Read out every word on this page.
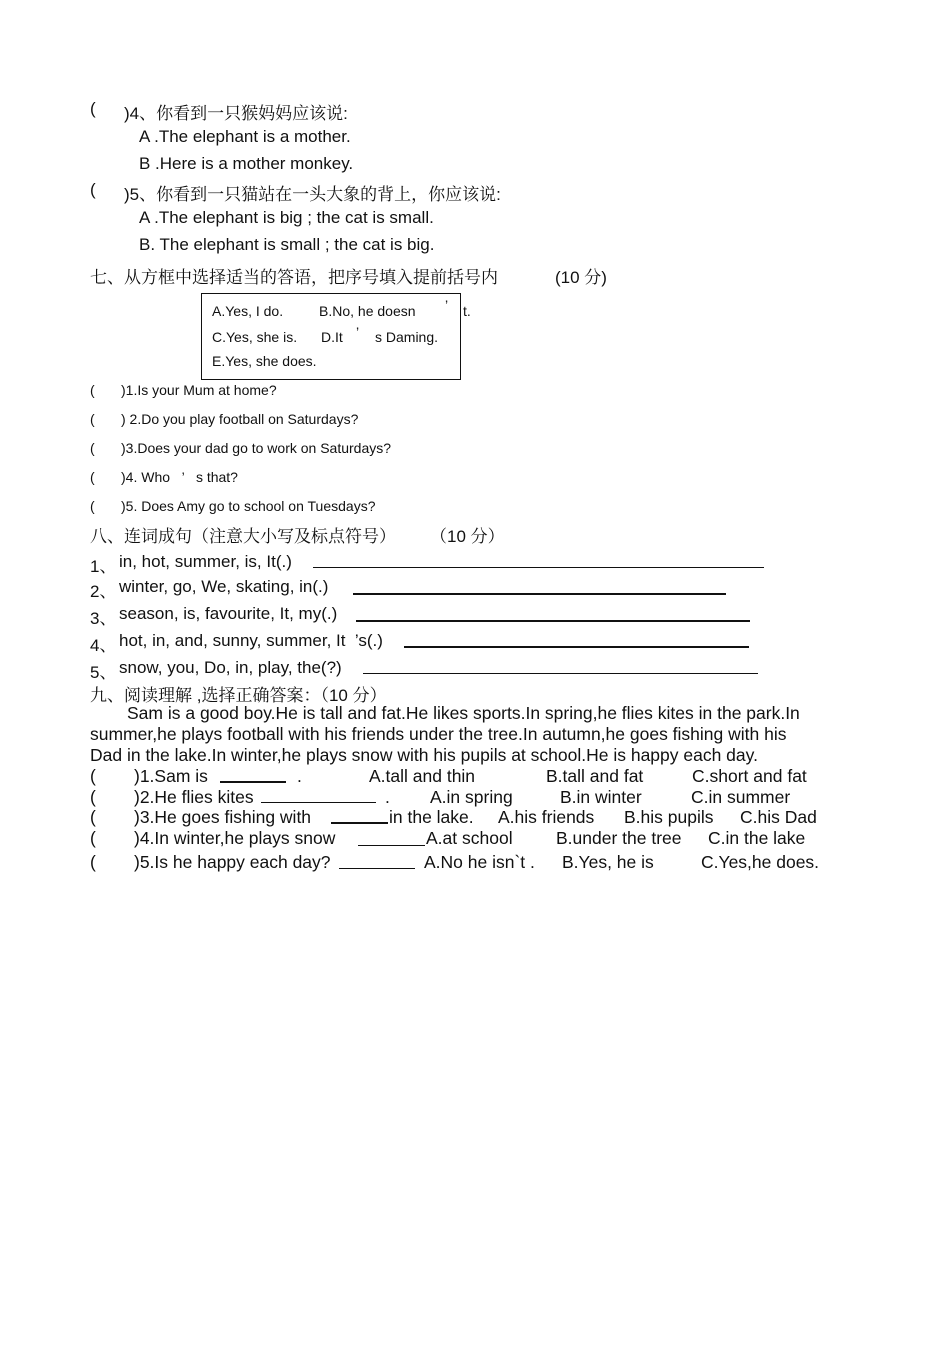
( )4、你看到一只猴妈妈应该说:
A .The elephant is a mother.
B .Here is a mother monkey.
( )5、你看到一只猫站在一头大象的背上，你应该说:
A .The elephant is big ; the cat is small.
B. The elephant is small ; the cat is big.
七、从方框中选择适当的答语，把序号填入提前括号内	(10 分)
A.Yes, I do.	B.No, he doesn ’ t.
C.Yes, she is. D.It ’ s Daming.
E.Yes, she does.
( )1.Is your Mum at home?
( ) 2.Do you play football on Saturdays?
( )3.Does your dad go to work on Saturdays?
( )4. Who   ’   s that?
( )5. Does Amy go to school on Tuesdays?
八、连词成句（注意大小写及标点符号） （10 分）
1、 in, hot, summer, is, It(.)
2、 winter, go, We, skating, in(.)
3、 season, is, favourite, It, my(.)
4、 hot, in, and, sunny, summer, It  ’s(.)
5、 snow, you, Do, in, play, the(?)
九、阅读理解 ,选择正确答案：（10 分）
Sam is a good boy.He is tall and fat.He likes sports.In spring,he flies kites in the park.In
summer,he plays football with his friends under the tree.In autumn,he goes fishing with his
Dad in the lake.In winter,he plays snow with his pupils at school.He is happy each day.
( )1.Sam is	.	A.tall and thin	B.tall and fat	C.short and fat
( )2.He flies kites	. A.in spring	B.in winter	C.in summer
( )3.He goes fishing with	in the lake. A.his friends B.his pupils C.his Dad
( )4.In winter,he plays snow	A.at school B.under the tree C.in the lake
( )5.Is he happy each day?	A.No he isn`t . B.Yes, he is	C.Yes,he does.
